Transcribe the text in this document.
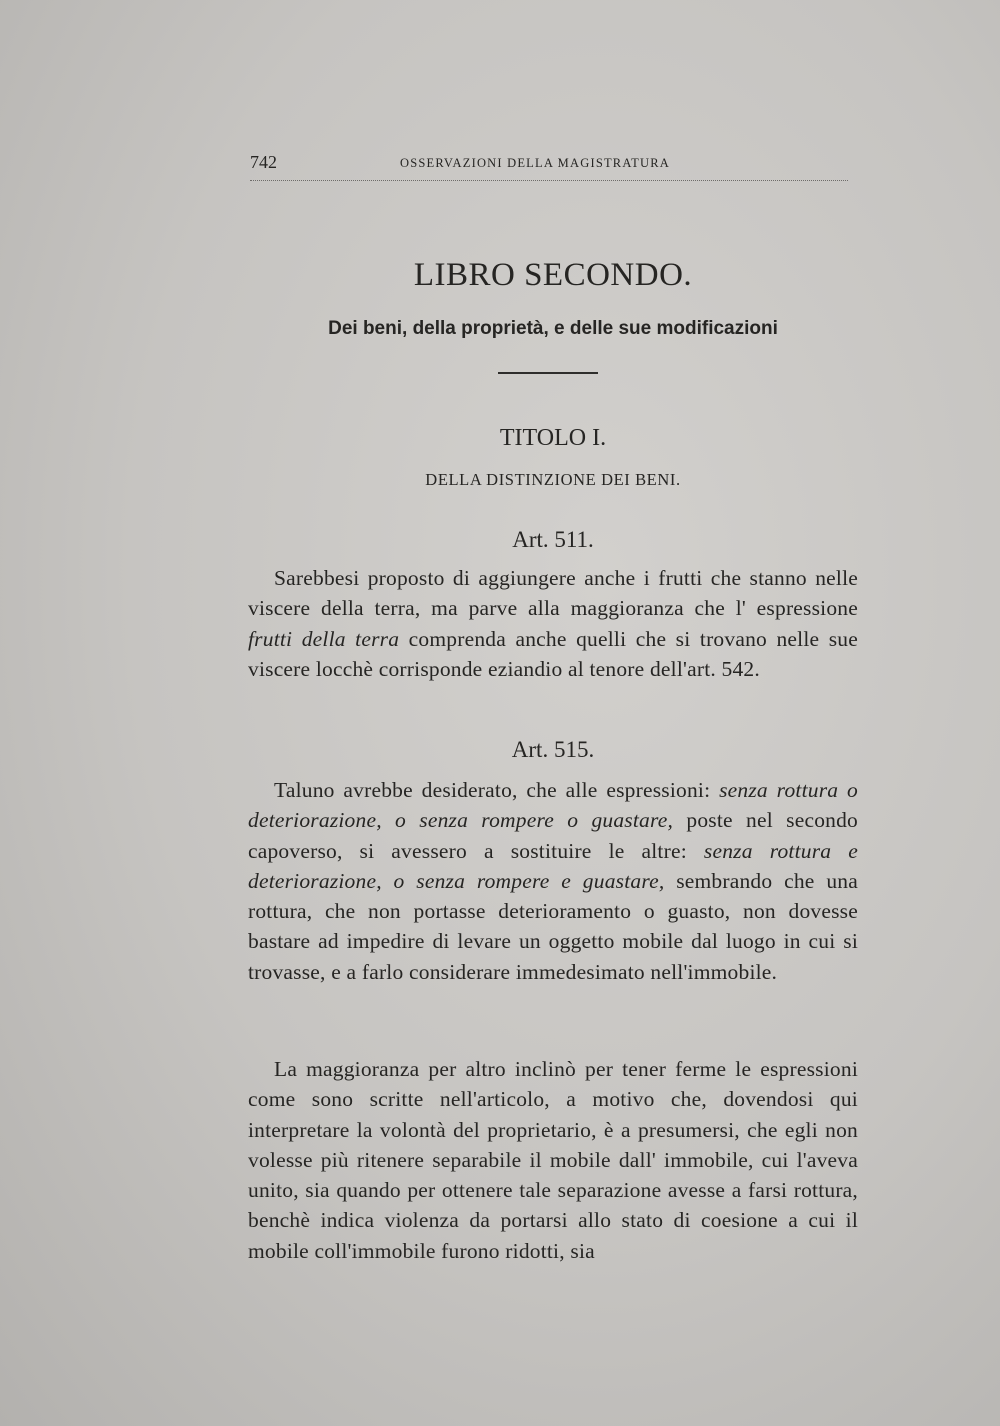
742	OSSERVAZIONI DELLA MAGISTRATURA
LIBRO SECONDO.
Dei beni, della proprietà, e delle sue modificazioni
TITOLO I.
DELLA DISTINZIONE DEI BENI.
Art. 511.

Sarebbesi proposto di aggiungere anche i frutti che stanno nelle viscere della terra, ma parve alla maggioranza che l' espressione frutti della terra comprenda anche quelli che si trovano nelle sue viscere locchè corrisponde eziandio al tenore dell'art. 542.

Art. 515.

Taluno avrebbe desiderato, che alle espressioni: senza rottura o deteriorazione, o senza rompere o guastare, poste nel secondo capoverso, si avessero a sostituire le altre: senza rottura e deteriorazione, o senza rompere e guastare, sembrando che una rottura, che non portasse deterioramento o guasto, non dovesse bastare ad impedire di levare un oggetto mobile dal luogo in cui si trovasse, e a farlo considerare immedesimato nell'immobile.

La maggioranza per altro inclinò per tener ferme le espressioni come sono scritte nell'articolo, a motivo che, dovendosi qui interpretare la volontà del proprietario, è a presumersi, che egli non volesse più ritenere separabile il mobile dall' immobile, cui l'aveva unito, sia quando per ottenere tale separazione avesse a farsi rottura, benchè indica violenza da portarsi allo stato di coesione a cui il mobile coll'immobile furono ridotti, sia
